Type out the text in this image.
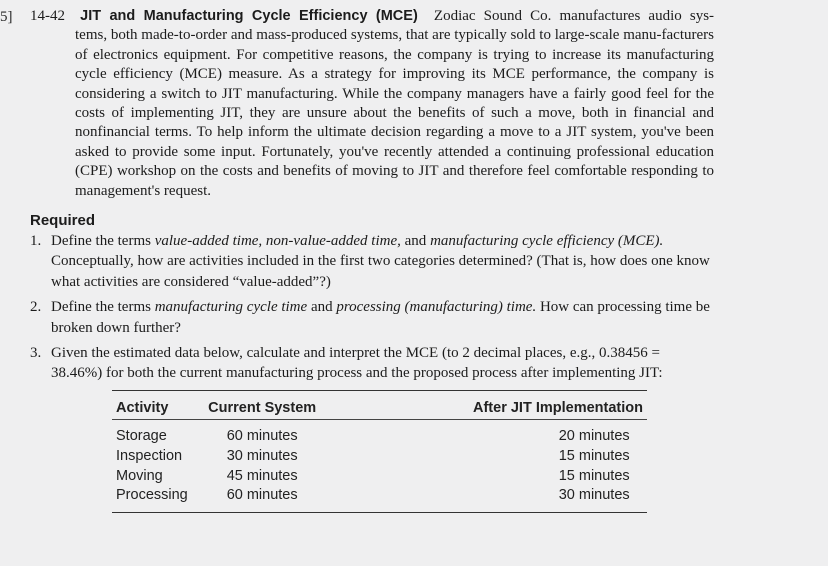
5] 14-42 JIT and Manufacturing Cycle Efficiency (MCE) Zodiac Sound Co. manufactures audio sys-
tems, both made-to-order and mass-produced systems, that are typically sold to large-scale manu-facturers of electronics equipment. For competitive reasons, the company is trying to increase its manufacturing cycle efficiency (MCE) measure. As a strategy for improving its MCE performance, the company is considering a switch to JIT manufacturing. While the company managers have a fairly good feel for the costs of implementing JIT, they are unsure about the benefits of such a move, both in financial and nonfinancial terms. To help inform the ultimate decision regarding a move to a JIT system, you've been asked to provide some input. Fortunately, you've recently attended a continuing professional education (CPE) workshop on the costs and benefits of moving to JIT and therefore feel comfortable responding to management's request.
Required
1. Define the terms value-added time, non-value-added time, and manufacturing cycle efficiency (MCE). Conceptually, how are activities included in the first two categories determined? (That is, how does one know what activities are considered “value-added”?)
2. Define the terms manufacturing cycle time and processing (manufacturing) time. How can processing time be broken down further?
3. Given the estimated data below, calculate and interpret the MCE (to 2 decimal places, e.g., 0.38456 = 38.46%) for both the current manufacturing process and the proposed process after implementing JIT:
Activity	Current System	After JIT Implementation
Storage	60 minutes	20 minutes
Inspection	30 minutes	15 minutes
Moving	45 minutes	15 minutes
Processing	60 minutes	30 minutes
